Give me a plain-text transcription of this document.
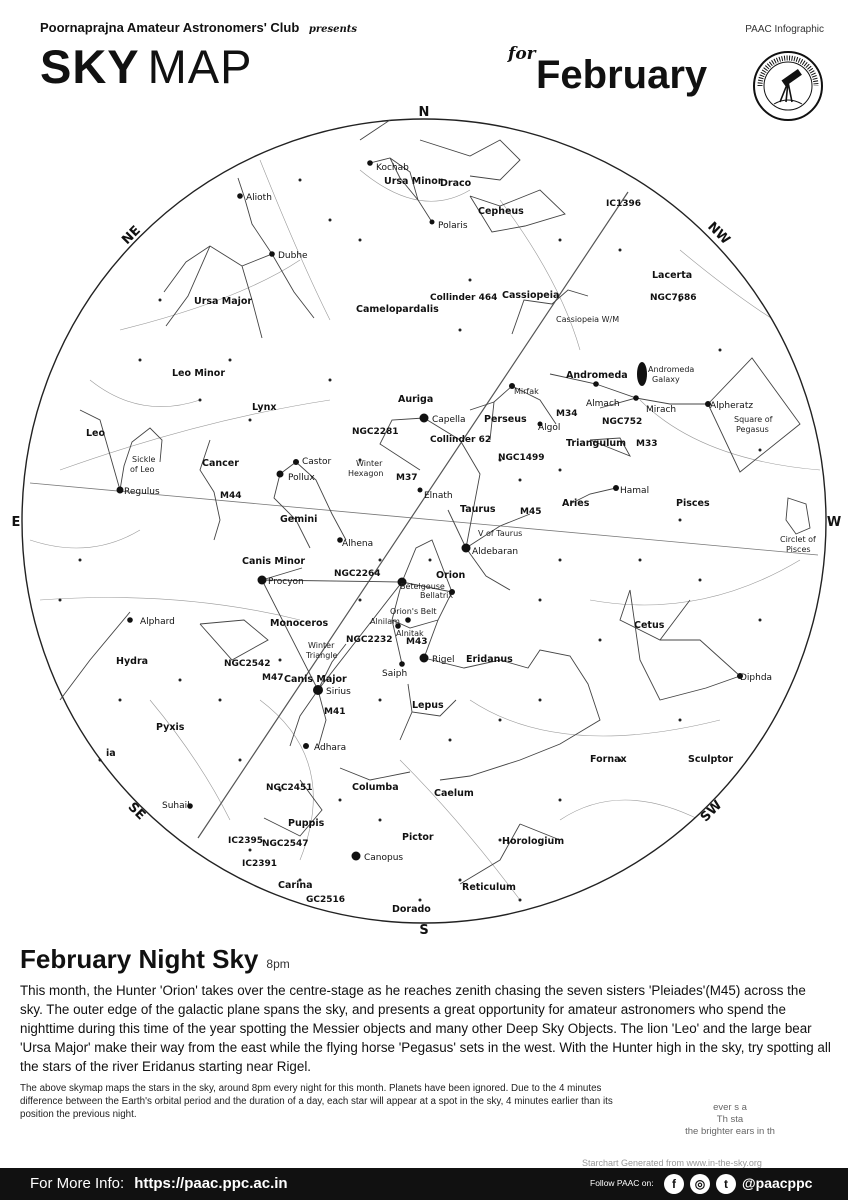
Poornaprajna Amateur Astronomers' Club presents
SKY MAP
PAAC Infographic
for February
N
S
E	W
NE	NW
SE	SW
Ursa Minor
Draco
Cepheus
Ursa Major
Camelopardalis
Cassiopeia
Lacerta
Leo Minor
Lynx
Auriga
Andromeda
Perseus
Triangulum
Leo
Cancer
Gemini
Taurus
Aries	Pisces
Canis Minor
Orion
Monoceros
Hydra
Canis Major
Eridanus
Cetus
Lepus
Pyxis
ia
Columba
Caelum
Fornax	Sculptor
Puppis
Pictor	Horologium
Carina	Reticulum
Dorado
Kochab
Polaris
Alioth
Dubhe
Capella
Castor
Pollux
Regulus	Elnath
Aldebaran
Betelgeuse
Bellatrix
Alnilam
Alnitak
Rigel
Saiph
Procyon
Alphard
Sirius
Adhara
Suhail
Canopus
Mirfak
Almach
Mirach
Algol
Hamal
Alpheratz
Diphda
Alhena
Cassiopeia W/M
Andromeda
Galaxy
Winter
Hexagon
Sickle
of Leo
V of Taurus
Orion's Belt
Winter
Triangle
Square of
Pegasus
Circlet of
Pisces
IC1396
NGC7686
Collinder 464
NGC2281
Collinder 62
M34
NGC752
M33
NGC1499
M37
M45
M44
NGC2264
NGC2232 M43
NGC2542
M47
M41
NGC2451
IC2395
NGC2547
IC2391
GC2516
February Night Sky 8pm
This month, the Hunter 'Orion' takes over the centre-stage as he reaches zenith chasing the seven sisters 'Pleiades'(M45) across the sky. The outer edge of the galactic plane spans the sky, and presents a great opportunity for amateur astronomers who spend the nighttime during this time of the year spotting the Messier objects and many other Deep Sky Objects. The lion 'Leo' and the large bear 'Ursa Major' make their way from the east while the flying horse 'Pegasus' sets in the west. With the Hunter high in the sky, try spotting all the stars of the river Eridanus starting near Rigel.
The above skymap maps the stars in the sky, around 8pm every night for this month. Planets have been ignored. Due to the 4 minutes difference between the Earth's orbital period and the duration of a day, each star will appear at a spot in the sky, 4 minutes earlier than its position the previous night.
ever s a
Th sta
the brighter ears in th
Starchart Generated from www.in-the-sky.org
For More Info: https://paac.ppc.ac.in	Follow PAAC on:	f	◎	t	@paacppc
